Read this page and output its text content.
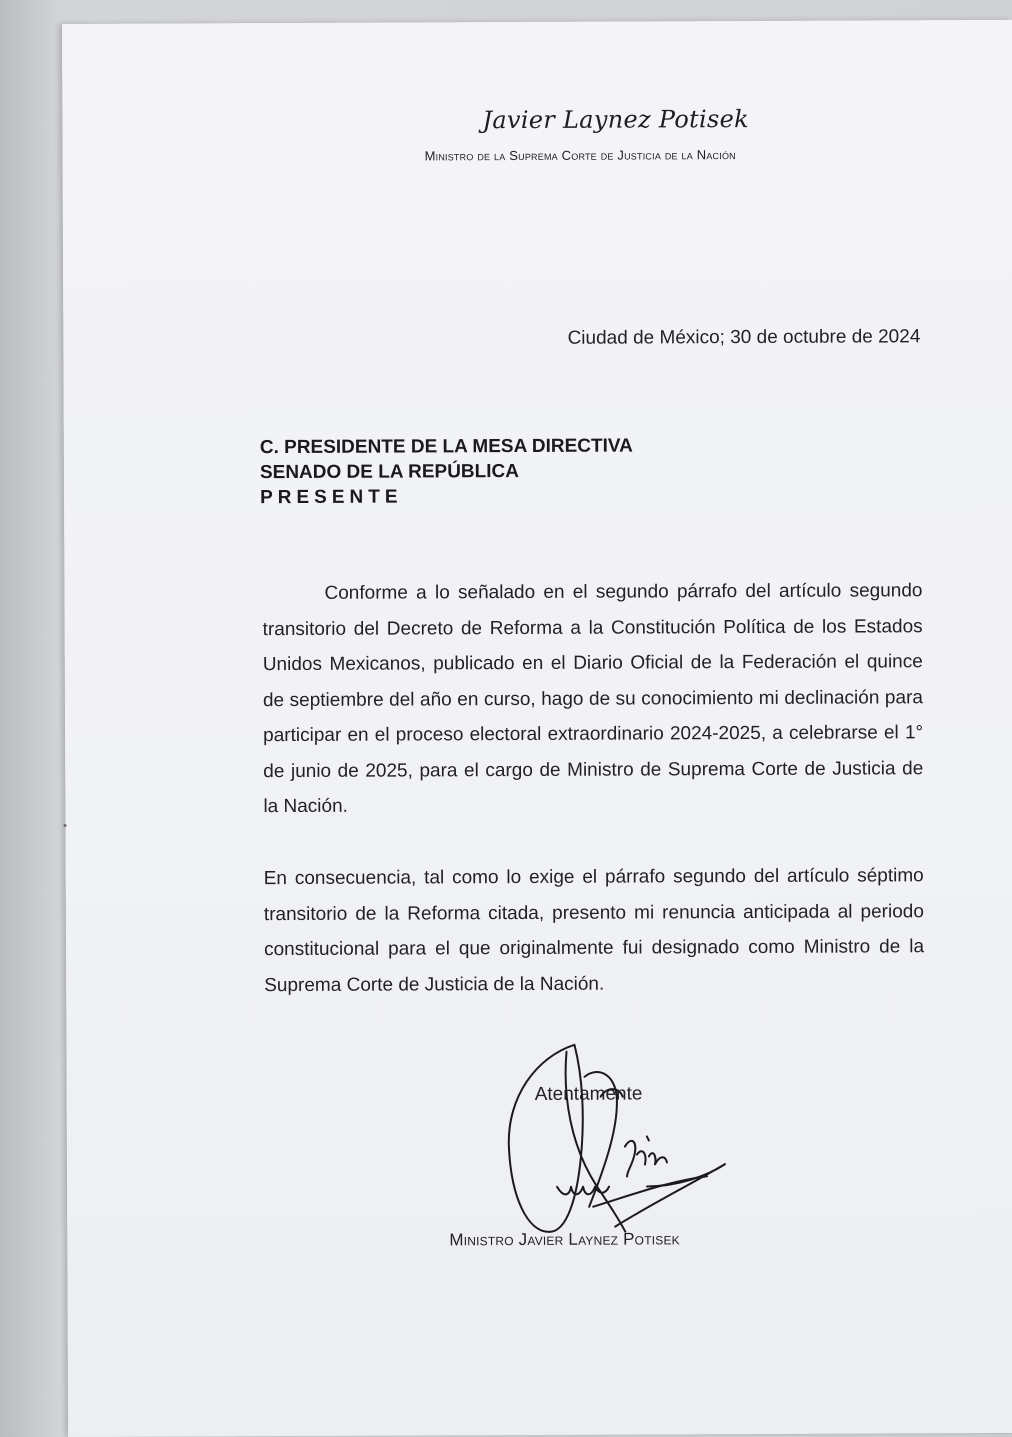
Javier Laynez Potisek
Ministro de la Suprema Corte de Justicia de la Nación
Ciudad de México; 30 de octubre de 2024
C. PRESIDENTE DE LA MESA DIRECTIVA
SENADO DE LA REPÚBLICA
PRESENTE

Conforme a lo señalado en el segundo párrafo del artículo segundo transitorio del Decreto de Reforma a la Constitución Política de los Estados Unidos Mexicanos, publicado en el Diario Oficial de la Federación el quince de septiembre del año en curso, hago de su conocimiento mi declinación para participar en el proceso electoral extraordinario 2024-2025, a celebrarse el 1° de junio de 2025, para el cargo de Ministro de Suprema Corte de Justicia de la Nación.

En consecuencia, tal como lo exige el párrafo segundo del artículo séptimo transitorio de la Reforma citada, presento mi renuncia anticipada al periodo constitucional para el que originalmente fui designado como Ministro de la Suprema Corte de Justicia de la Nación.

Atentamente
Ministro Javier Laynez Potisek
